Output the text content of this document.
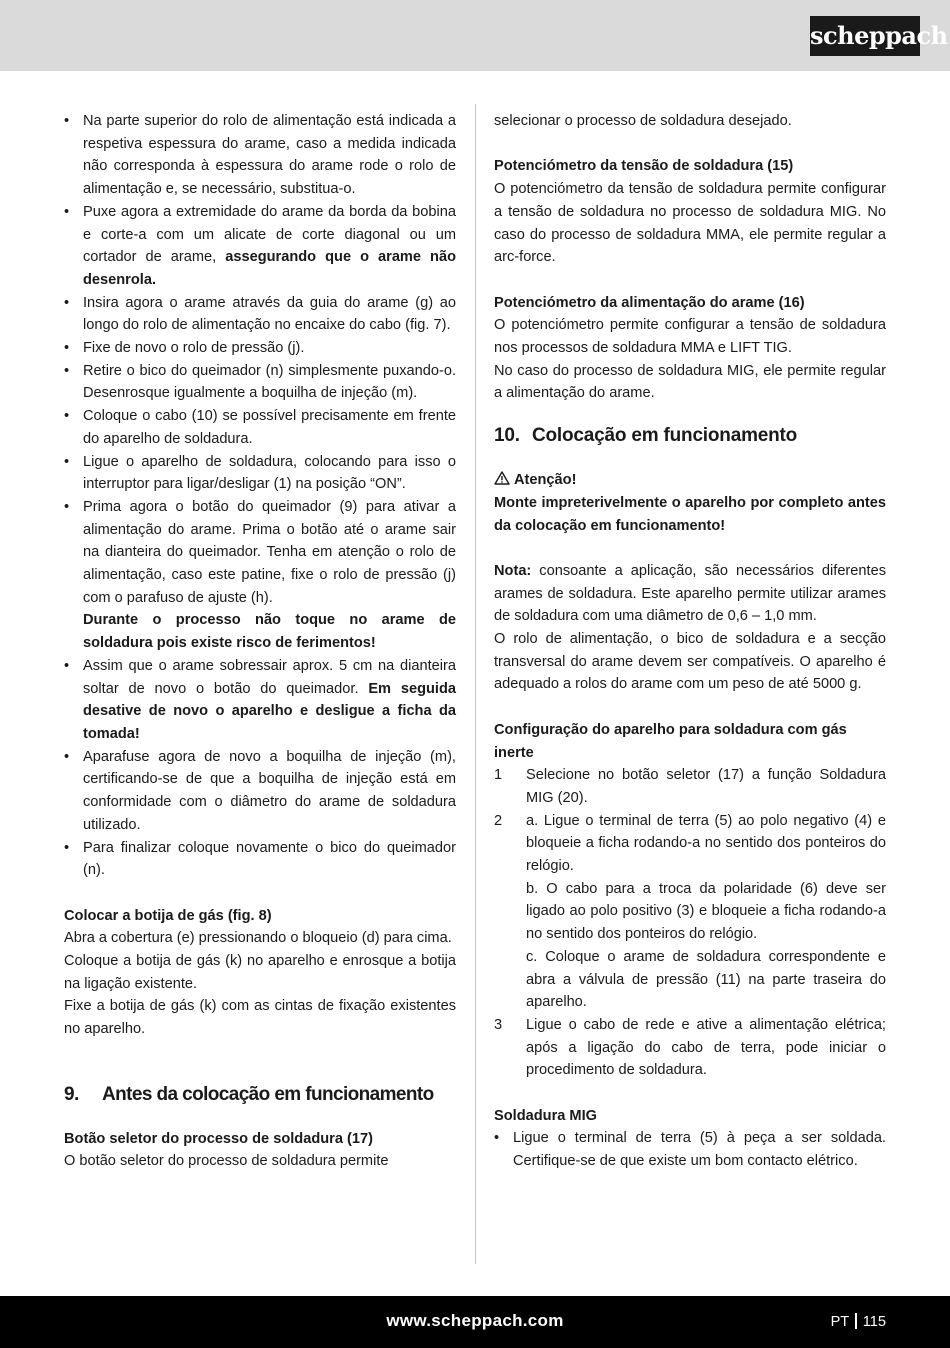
scheppach
• Na parte superior do rolo de alimentação está indicada a respetiva espessura do arame, caso a medida indicada não corresponda à espessura do arame rode o rolo de alimentação e, se necessário, substitua-o.
• Puxe agora a extremidade do arame da borda da bobina e corte-a com um alicate de corte diagonal ou um cortador de arame, assegurando que o arame não desenrola.
• Insira agora o arame através da guia do arame (g) ao longo do rolo de alimentação no encaixe do cabo (fig. 7).
• Fixe de novo o rolo de pressão (j).
• Retire o bico do queimador (n) simplesmente puxando-o. Desenrosque igualmente a boquilha de injeção (m).
• Coloque o cabo (10) se possível precisamente em frente do aparelho de soldadura.
• Ligue o aparelho de soldadura, colocando para isso o interruptor para ligar/desligar (1) na posição “ON”.
• Prima agora o botão do queimador (9) para ativar a alimentação do arame. Prima o botão até o arame sair na dianteira do queimador. Tenha em atenção o rolo de alimentação, caso este patine, fixe o rolo de pressão (j) com o parafuso de ajuste (h).
Durante o processo não toque no arame de soldadura pois existe risco de ferimentos!
• Assim que o arame sobressair aprox. 5 cm na dianteira soltar de novo o botão do queimador. Em seguida desative de novo o aparelho e desligue a ficha da tomada!
• Aparafuse agora de novo a boquilha de injeção (m), certificando-se de que a boquilha de injeção está em conformidade com o diâmetro do arame de soldadura utilizado.
• Para finalizar coloque novamente o bico do queimador (n).

Colocar a botija de gás (fig. 8)

Abra a cobertura (e) pressionando o bloqueio (d) para cima.

Coloque a botija de gás (k) no aparelho e enrosque a botija na ligação existente.

Fixe a botija de gás (k) com as cintas de fixação existentes no aparelho.

9. Antes da colocação em funcionamento

Botão seletor do processo de soldadura (17)

O botão seletor do processo de soldadura permite

selecionar o processo de soldadura desejado.

Potenciómetro da tensão de soldadura (15)

O potenciómetro da tensão de soldadura permite configurar a tensão de soldadura no processo de soldadura MIG. No caso do processo de soldadura MMA, ele permite regular a arc-force.

Potenciómetro da alimentação do arame (16)

O potenciómetro permite configurar a tensão de soldadura nos processos de soldadura MMA e LIFT TIG.

No caso do processo de soldadura MIG, ele permite regular a alimentação do arame.

10. Colocação em funcionamento

Atenção!

Monte impreterivelmente o aparelho por completo antes da colocação em funcionamento!

Nota: consoante a aplicação, são necessários diferentes arames de soldadura. Este aparelho permite utilizar arames de soldadura com uma diâmetro de 0,6 – 1,0 mm.

O rolo de alimentação, o bico de soldadura e a secção transversal do arame devem ser compatíveis. O aparelho é adequado a rolos do arame com um peso de até 5000 g.

Configuração do aparelho para soldadura com gás inerte

1 Selecione no botão seletor (17) a função Soldadura MIG (20).
2 a. Ligue o terminal de terra (5) ao polo negativo (4) e bloqueie a ficha rodando-a no sentido dos ponteiros do relógio.
b. O cabo para a troca da polaridade (6) deve ser ligado ao polo positivo (3) e bloqueie a ficha rodando-a no sentido dos ponteiros do relógio.
c. Coloque o arame de soldadura correspondente e abra a válvula de pressão (11) na parte traseira do aparelho.
3 Ligue o cabo de rede e ative a alimentação elétrica; após a ligação do cabo de terra, pode iniciar o procedimento de soldadura.

Soldadura MIG

• Ligue o terminal de terra (5) à peça a ser soldada. Certifique-se de que existe um bom contacto elétrico.
www.scheppach.com	PT 115
